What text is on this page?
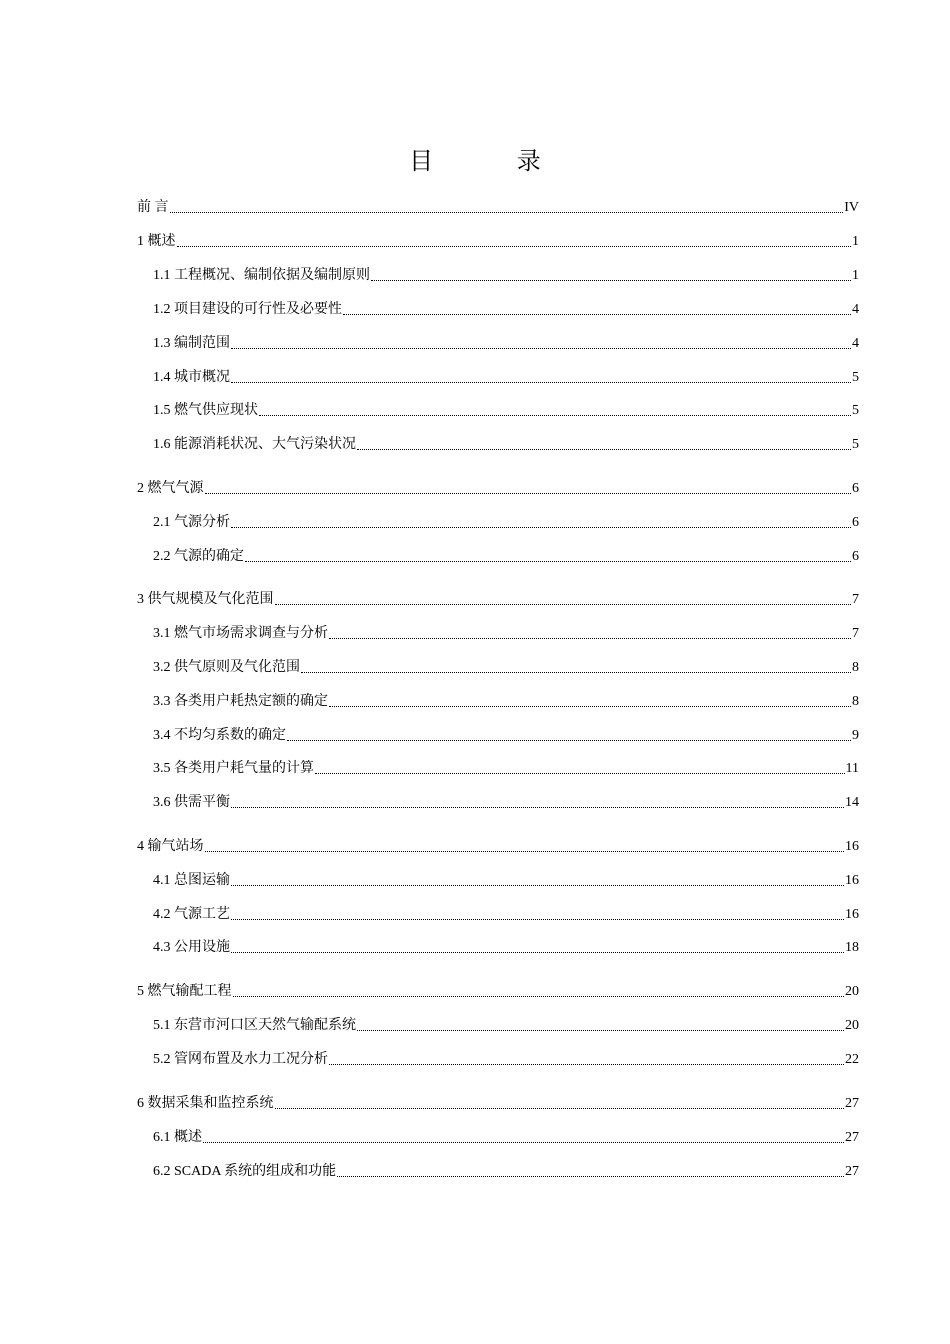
目 录
前 言	IV
1 概述	1
1.1 工程概况、编制依据及编制原则	1
1.2 项目建设的可行性及必要性	4
1.3 编制范围	4
1.4 城市概况	5
1.5 燃气供应现状	5
1.6 能源消耗状况、大气污染状况	5
2 燃气气源	6
2.1 气源分析	6
2.2 气源的确定	6
3 供气规模及气化范围	7
3.1 燃气市场需求调查与分析	7
3.2 供气原则及气化范围	8
3.3 各类用户耗热定额的确定	8
3.4 不均匀系数的确定	9
3.5 各类用户耗气量的计算	11
3.6 供需平衡	14
4 输气站场	16
4.1 总图运输	16
4.2 气源工艺	16
4.3 公用设施	18
5 燃气输配工程	20
5.1 东营市河口区天然气输配系统	20
5.2 管网布置及水力工况分析	22
6 数据采集和监控系统	27
6.1 概述	27
6.2 SCADA 系统的组成和功能	27
